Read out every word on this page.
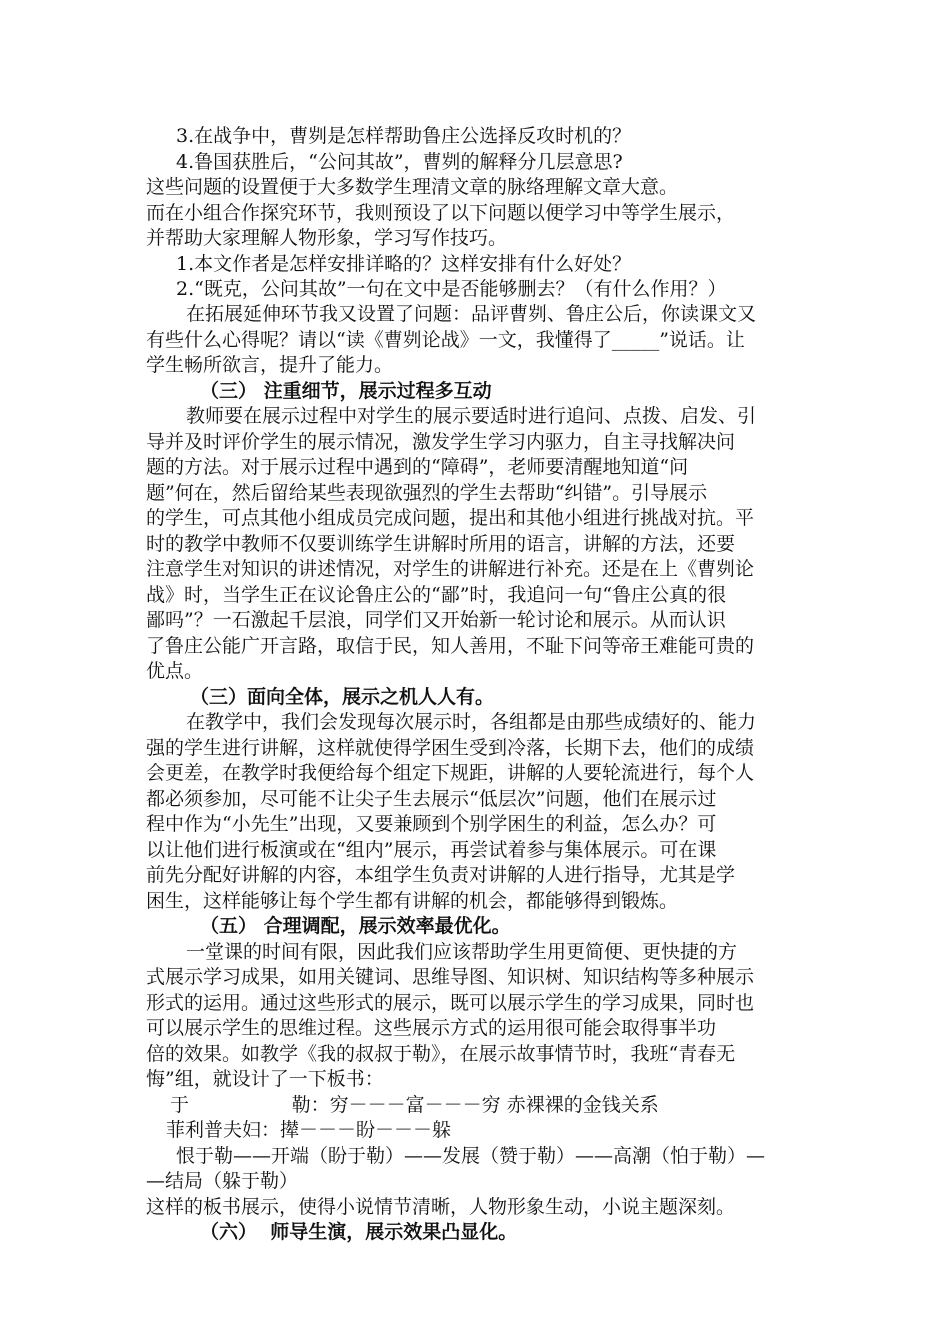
3.在战争中，曹刿是怎样帮助鲁庄公选择反攻时机的？
4.鲁国获胜后，“公问其故”，曹刿的解释分几层意思?
这些问题的设置便于大多数学生理清文章的脉络理解文章大意。
而在小组合作探究环节，我则预设了以下问题以便学习中等学生展示，
并帮助大家理解人物形象，学习写作技巧。
1.本文作者是怎样安排详略的？这样安排有什么好处？
2.“既克，公问其故”一句在文中是否能够删去？（有什么作用？）
在拓展延伸环节我又设置了问题：品评曹刿、鲁庄公后，你读课文又
有些什么心得呢？请以“读《曹刿论战》一文，我懂得了_____”说话。让
学生畅所欲言，提升了能力。
（三） 注重细节，展示过程多互动
教师要在展示过程中对学生的展示要适时进行追问、点拨、启发、引
导并及时评价学生的展示情况，激发学生学习内驱力，自主寻找解决问
题的方法。对于展示过程中遇到的“障碍”，老师要清醒地知道“问
题”何在，然后留给某些表现欲强烈的学生去帮助“纠错”。引导展示
的学生，可点其他小组成员完成问题，提出和其他小组进行挑战对抗。平
时的教学中教师不仅要训练学生讲解时所用的语言，讲解的方法，还要
注意学生对知识的讲述情况，对学生的讲解进行补充。还是在上《曹刿论
战》时，当学生正在议论鲁庄公的“鄙”时，我追问一句“鲁庄公真的很
鄙吗”？一石激起千层浪，同学们又开始新一轮讨论和展示。从而认识
了鲁庄公能广开言路，取信于民，知人善用，不耻下问等帝王难能可贵的
优点。
（三）面向全体，展示之机人人有。
在教学中，我们会发现每次展示时，各组都是由那些成绩好的、能力
强的学生进行讲解，这样就使得学困生受到冷落，长期下去，他们的成绩
会更差，在教学时我便给每个组定下规距，讲解的人要轮流进行，每个人
都必须参加，尽可能不让尖子生去展示“低层次”问题，他们在展示过
程中作为“小先生”出现，又要兼顾到个别学困生的利益，怎么办？可
以让他们进行板演或在“组内”展示，再尝试着参与集体展示。可在课
前先分配好讲解的内容，本组学生负责对讲解的人进行指导，尤其是学
困生，这样能够让每个学生都有讲解的机会，都能够得到锻炼。
（五） 合理调配，展示效率最优化。
一堂课的时间有限，因此我们应该帮助学生用更简便、更快捷的方
式展示学习成果，如用关键词、思维导图、知识树、知识结构等多种展示
形式的运用。通过这些形式的展示，既可以展示学生的学习成果，同时也
可以展示学生的思维过程。这些展示方式的运用很可能会取得事半功
倍的效果。如教学《我的叔叔于勒》，在展示故事情节时，我班“青春无
悔”组，就设计了一下板书：
于                 勒：穷－－－富－－－穷 赤裸裸的金钱关系
菲利普夫妇：撵－－－盼－－－躲
恨于勒——开端（盼于勒）——发展（赞于勒）——高潮（怕于勒）—
—结局（躲于勒）
这样的板书展示，使得小说情节清晰，人物形象生动，小说主题深刻。
（六）  师导生演，展示效果凸显化。
